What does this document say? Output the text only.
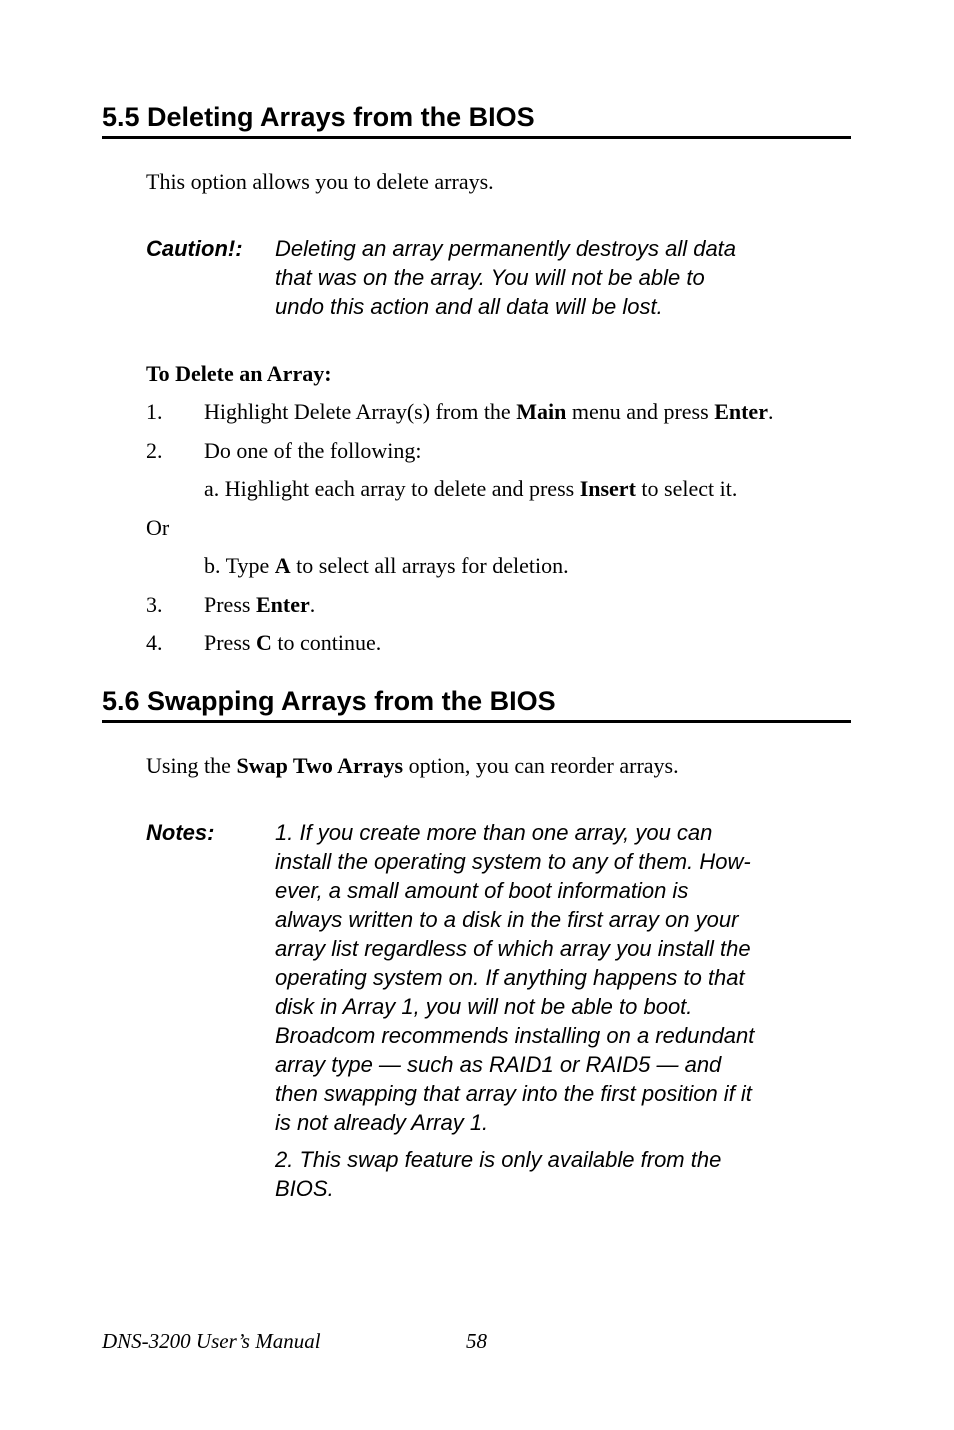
5.5 Deleting Arrays from the BIOS
This option allows you to delete arrays.
Caution!: Deleting an array permanently destroys all data
that was on the array. You will not be able to
undo this action and all data will be lost.
To Delete an Array:
1. Highlight Delete Array(s) from the Main menu and press Enter.
2. Do one of the following:
a. Highlight each array to delete and press Insert to select it.
Or
b. Type A to select all arrays for deletion.
3. Press Enter.
4. Press C to continue.
5.6 Swapping Arrays from the BIOS
Using the Swap Two Arrays option, you can reorder arrays.
Notes:	1. If you create more than one array, you can
install the operating system to any of them. How-
ever, a small amount of boot information is
always written to a disk in the first array on your
array list regardless of which array you install the
operating system on. If anything happens to that
disk in Array 1, you will not be able to boot.
Broadcom recommends installing on a redundant
array type — such as RAID1 or RAID5 — and
then swapping that array into the first position if it
is not already Array 1.
2. This swap feature is only available from the
BIOS.
DNS-3200 User’s Manual	58
